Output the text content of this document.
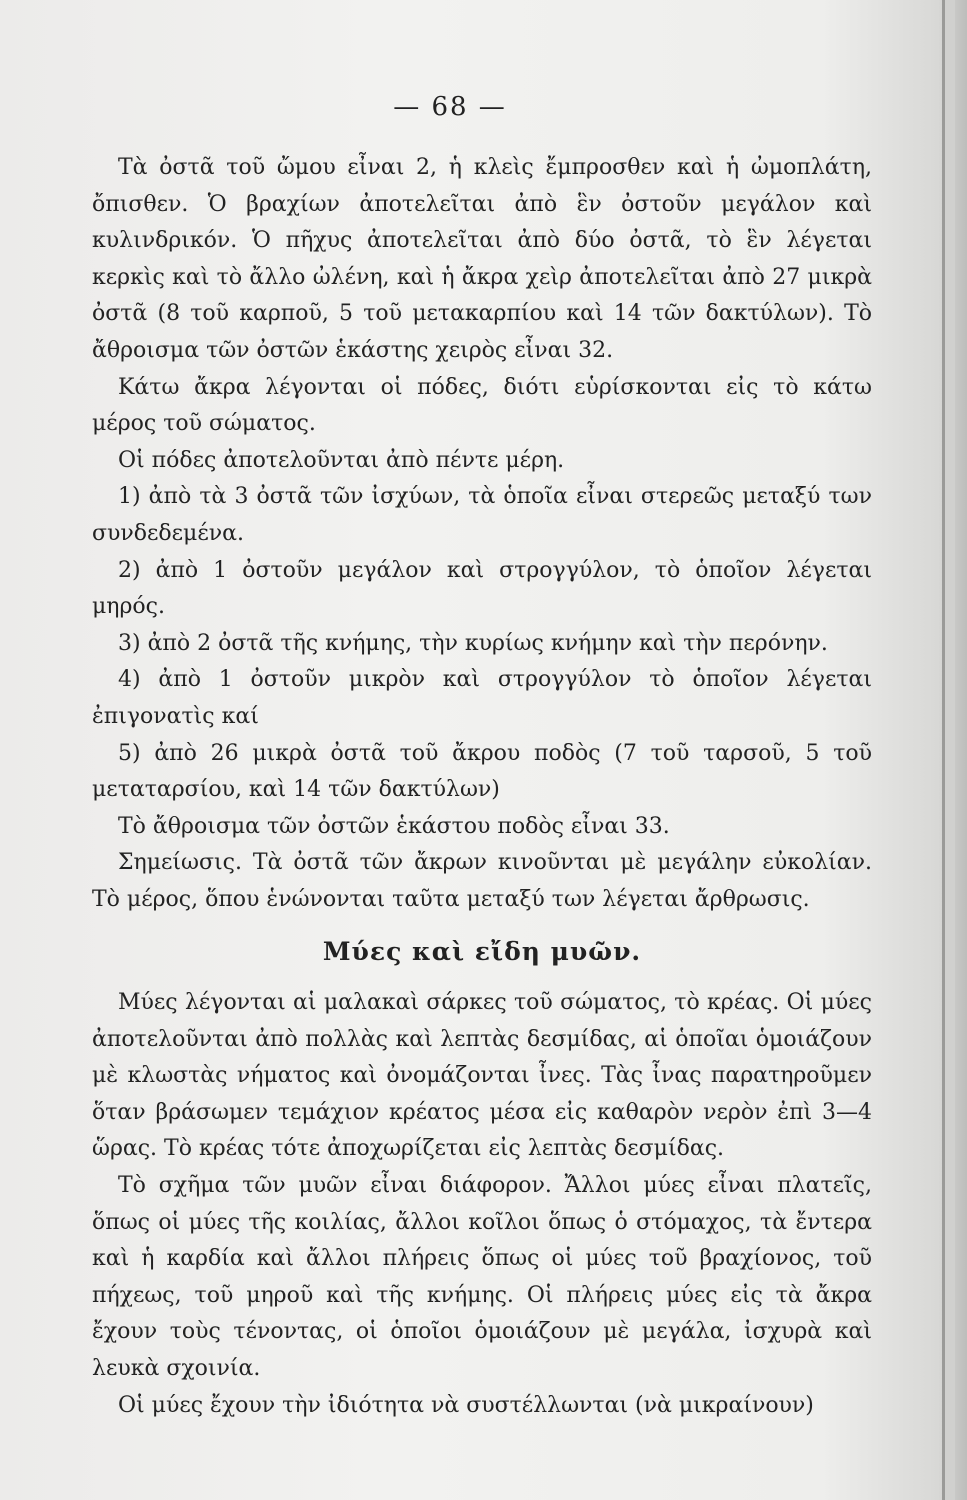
— 68 —

Τὰ ὀστᾶ τοῦ ὤμου εἶναι 2, ἡ κλεὶς ἔμπροσθεν καὶ ἡ ὠμοπλάτη, ὄπισθεν. Ὁ βραχίων ἀποτελεῖται ἀπὸ ἓν ὀστοῦν μεγάλον καὶ κυλινδρικόν. Ὁ πῆχυς ἀποτελεῖται ἀπὸ δύο ὀστᾶ, τὸ ἓν λέγεται κερκὶς καὶ τὸ ἄλλο ὠλένη, καὶ ἡ ἄκρα χεὶρ ἀποτελεῖται ἀπὸ 27 μικρὰ ὀστᾶ (8 τοῦ καρποῦ, 5 τοῦ μετακαρπίου καὶ 14 τῶν δακτύλων). Τὸ ἄθροισμα τῶν ὀστῶν ἑκάστης χειρὸς εἶναι 32.

Κάτω ἄκρα λέγονται οἱ πόδες, διότι εὑρίσκονται εἰς τὸ κάτω μέρος τοῦ σώματος.

Οἱ πόδες ἀποτελοῦνται ἀπὸ πέντε μέρη.

1) ἀπὸ τὰ 3 ὀστᾶ τῶν ἰσχύων, τὰ ὁποῖα εἶναι στερεῶς μεταξύ των συνδεδεμένα.

2) ἀπὸ 1 ὀστοῦν μεγάλον καὶ στρογγύλον, τὸ ὁποῖον λέγεται μηρός.

3) ἀπὸ 2 ὀστᾶ τῆς κνήμης, τὴν κυρίως κνήμην καὶ τὴν περόνην.

4) ἀπὸ 1 ὀστοῦν μικρὸν καὶ στρογγύλον τὸ ὁποῖον λέγεται ἐπιγονατὶς καί

5) ἀπὸ 26 μικρὰ ὀστᾶ τοῦ ἄκρου ποδὸς (7 τοῦ ταρσοῦ, 5 τοῦ μεταταρσίου, καὶ 14 τῶν δακτύλων)

Τὸ ἄθροισμα τῶν ὀστῶν ἑκάστου ποδὸς εἶναι 33.

Σημείωσις. Τὰ ὀστᾶ τῶν ἄκρων κινοῦνται μὲ μεγάλην εὐκολίαν. Τὸ μέρος, ὅπου ἑνώνονται ταῦτα μεταξύ των λέγεται ἄρθρωσις.

Μύες καὶ εἴδη μυῶν.

Μύες λέγονται αἱ μαλακαὶ σάρκες τοῦ σώματος, τὸ κρέας. Οἱ μύες ἀποτελοῦνται ἀπὸ πολλὰς καὶ λεπτὰς δεσμίδας, αἱ ὁποῖαι ὁμοιάζουν μὲ κλωστὰς νήματος καὶ ὀνομάζονται ἶνες. Τὰς ἶνας παρατηροῦμεν ὅταν βράσωμεν τεμάχιον κρέατος μέσα εἰς καθαρὸν νερὸν ἐπὶ 3—4 ὥρας. Τὸ κρέας τότε ἀποχωρίζεται εἰς λεπτὰς δεσμίδας.

Τὸ σχῆμα τῶν μυῶν εἶναι διάφορον. Ἄλλοι μύες εἶναι πλατεῖς, ὅπως οἱ μύες τῆς κοιλίας, ἄλλοι κοῖλοι ὅπως ὁ στόμαχος, τὰ ἔντερα καὶ ἡ καρδία καὶ ἄλλοι πλήρεις ὅπως οἱ μύες τοῦ βραχίονος, τοῦ πήχεως, τοῦ μηροῦ καὶ τῆς κνήμης. Οἱ πλήρεις μύες εἰς τὰ ἄκρα ἔχουν τοὺς τένοντας, οἱ ὁποῖοι ὁμοιάζουν μὲ μεγάλα, ἰσχυρὰ καὶ λευκὰ σχοινία.

Οἱ μύες ἔχουν τὴν ἰδιότητα νὰ συστέλλωνται (νὰ μικραίνουν)
